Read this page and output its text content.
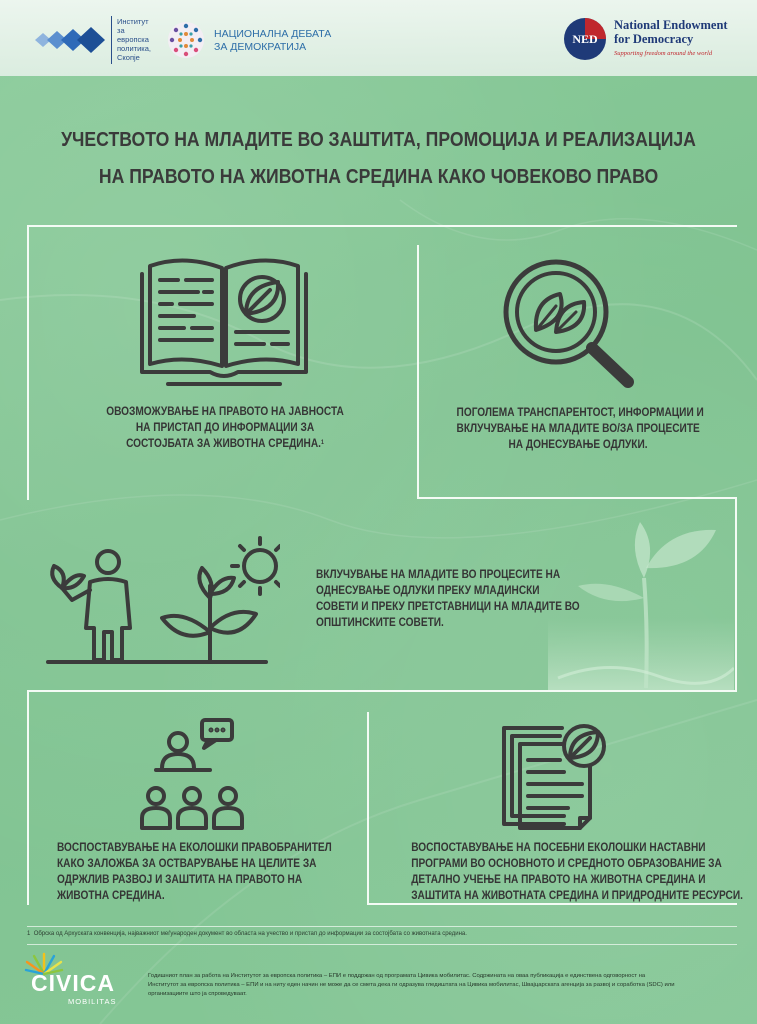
Институт
за
европска
политика,
Скопје
НАЦИОНАЛНА ДЕБАТА
ЗА ДЕМОКРАТИЈА
NED
National Endowment
for Democracy
Supporting freedom around the world
УЧЕСТВОТО НА МЛАДИТЕ ВО ЗАШТИТА, ПРОМОЦИЈА И РЕАЛИЗАЦИЈА
НА ПРАВОТО НА ЖИВОТНА СРЕДИНА КАКО ЧОВЕКОВО ПРАВО
ОВОЗМОЖУВАЊЕ НА ПРАВОТО НА ЈАВНОСТА
НА ПРИСТАП ДО ИНФОРМАЦИИ ЗА
СОСТОЈБАТА ЗА ЖИВОТНА СРЕДИНА.$^1$
ПОГОЛЕМА ТРАНСПАРЕНТОСТ, ИНФОРМАЦИИ И
ВКЛУЧУВАЊЕ НА МЛАДИТЕ ВО/ЗА ПРОЦЕСИТЕ
НА ДОНЕСУВАЊЕ ОДЛУКИ.
ВКЛУЧУВАЊЕ НА МЛАДИТЕ ВО ПРОЦЕСИТЕ НА
ОДНЕСУВАЊЕ ОДЛУКИ ПРЕКУ МЛАДИНСКИ
СОВЕТИ И ПРЕКУ ПРЕТСТАВНИЦИ НА МЛАДИТЕ ВО
ОПШТИНСКИТЕ СОВЕТИ.
ВОСПОСТАВУВАЊЕ НА ЕКОЛОШКИ ПРАВОБРАНИТЕЛ
КАКО ЗАЛОЖБА ЗА ОСТВАРУВАЊЕ НА ЦЕЛИТЕ ЗА
ОДРЖЛИВ РАЗВОЈ И ЗАШТИТА НА ПРАВОТО НА
ЖИВОТНА СРЕДИНА.
ВОСПОСТАВУВАЊЕ НА ПОСЕБНИ ЕКОЛОШКИ НАСТАВНИ
ПРОГРАМИ ВО ОСНОВНОТО И СРЕДНОТО ОБРАЗОВАНИЕ ЗА
ДЕТАЛНО УЧЕЊЕ НА ПРАВОТО НА ЖИВОТНА СРЕДИНА И
ЗАШТИТА НА ЖИВОТНАТА СРЕДИНА И ПРИДРОДНИТЕ РЕСУРСИ.
1 Обрска од Архуската конвенција, најважниот меѓународен документ во областа на учество и пристап до информации за состојбата со животната средина.
CIVICA
MOBILITAS
Годишниот план за работа на Институтот за европска политика – ЕПИ е поддржан од програмата Цивика мобилитас. Содржината на оваа публикација е единствена одговорност на
Институтот за европска политика – ЕПИ и на ниту еден начин не може да се смета дека ги одразува гледиштата на Цивика мобилитас, Швајцарската агенција за развој и соработка (SDC) или
организациите што ја спроведуваат.
